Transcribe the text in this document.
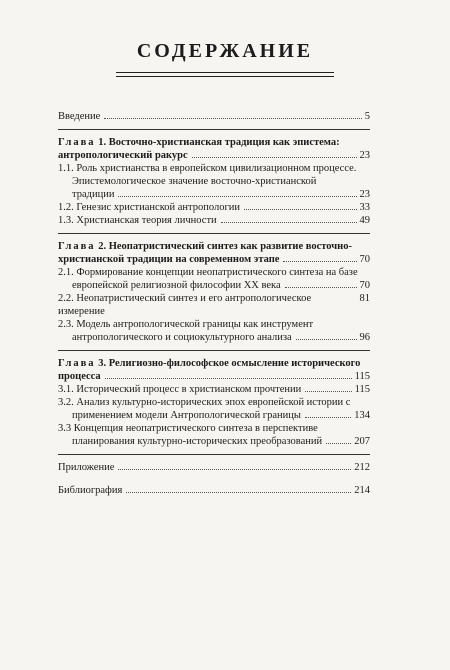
СОДЕРЖАНИЕ
Введение	5
Глава 1. Восточно-христианская традиция как эпистема:
антропологический ракурс	23
1.1. Роль христианства в европейском цивилизационном процессе.
Эпистемологическое значение восточно-христианской
традиции	23
1.2. Генезис христианской антропологии	33
1.3. Христианская теория личности	49
Глава 2. Неопатристический синтез как развитие восточно-
христианской традиции на современном этапе	70
2.1. Формирование концепции неопатристического синтеза на базе
европейской религиозной философии ХХ века	70
2.2. Неопатристический синтез и его антропологическое измерение
81
2.3. Модель антропологической границы как инструмент
антропологического и социокультурного анализа	96
Глава 3. Религиозно-философское осмысление исторического
процесса	115
3.1. Исторический процесс в христианском прочтении	115
3.2. Анализ культурно-исторических эпох европейской истории с
применением модели Антропологической границы	134
3.3 Концепция неопатристического синтеза в перспективе
планирования культурно-исторических преобразований	207
Приложение	212
Библиография	214
